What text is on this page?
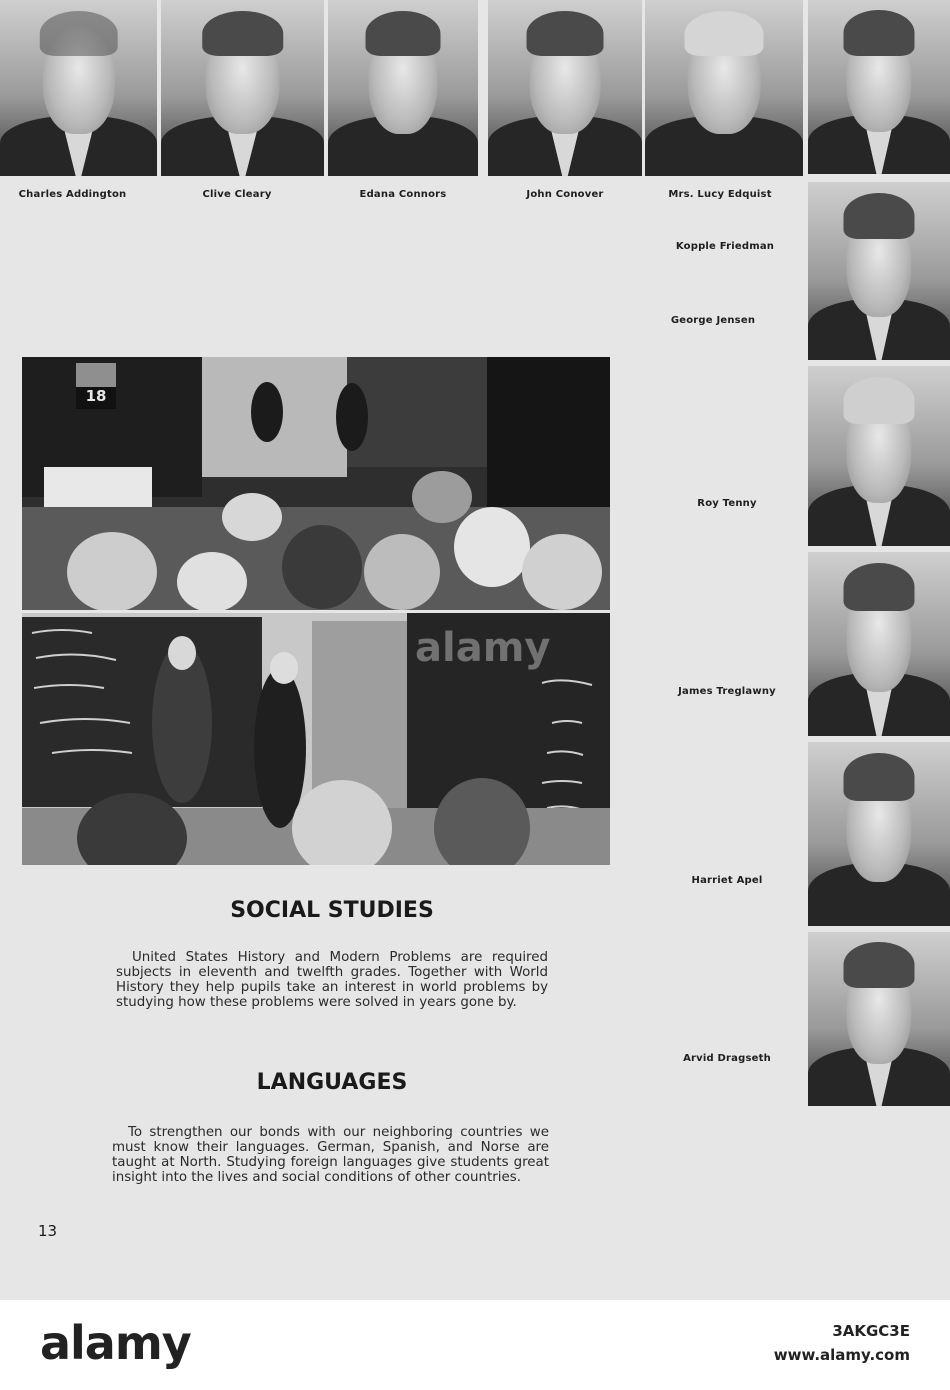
Charles Addington	Clive Cleary	Edana Connors	John Conover	Mrs. Lucy Edquist
Kopple Friedman
George Jensen
Roy Tenny
James Treglawny
Harriet Apel
Arvid Dragseth
18
SOCIAL STUDIES
United States History and Modern Problems are required subjects in eleventh and twelfth grades. Together with World History they help pupils take an interest in world problems by studying how these problems were solved in years gone by.
LANGUAGES
To strengthen our bonds with our neighboring countries we must know their languages. German, Spanish, and Norse are taught at North. Studying foreign languages give students great insight into the lives and social conditions of other countries.
13
alamy
alamy	3AKGC3E
www.alamy.com
